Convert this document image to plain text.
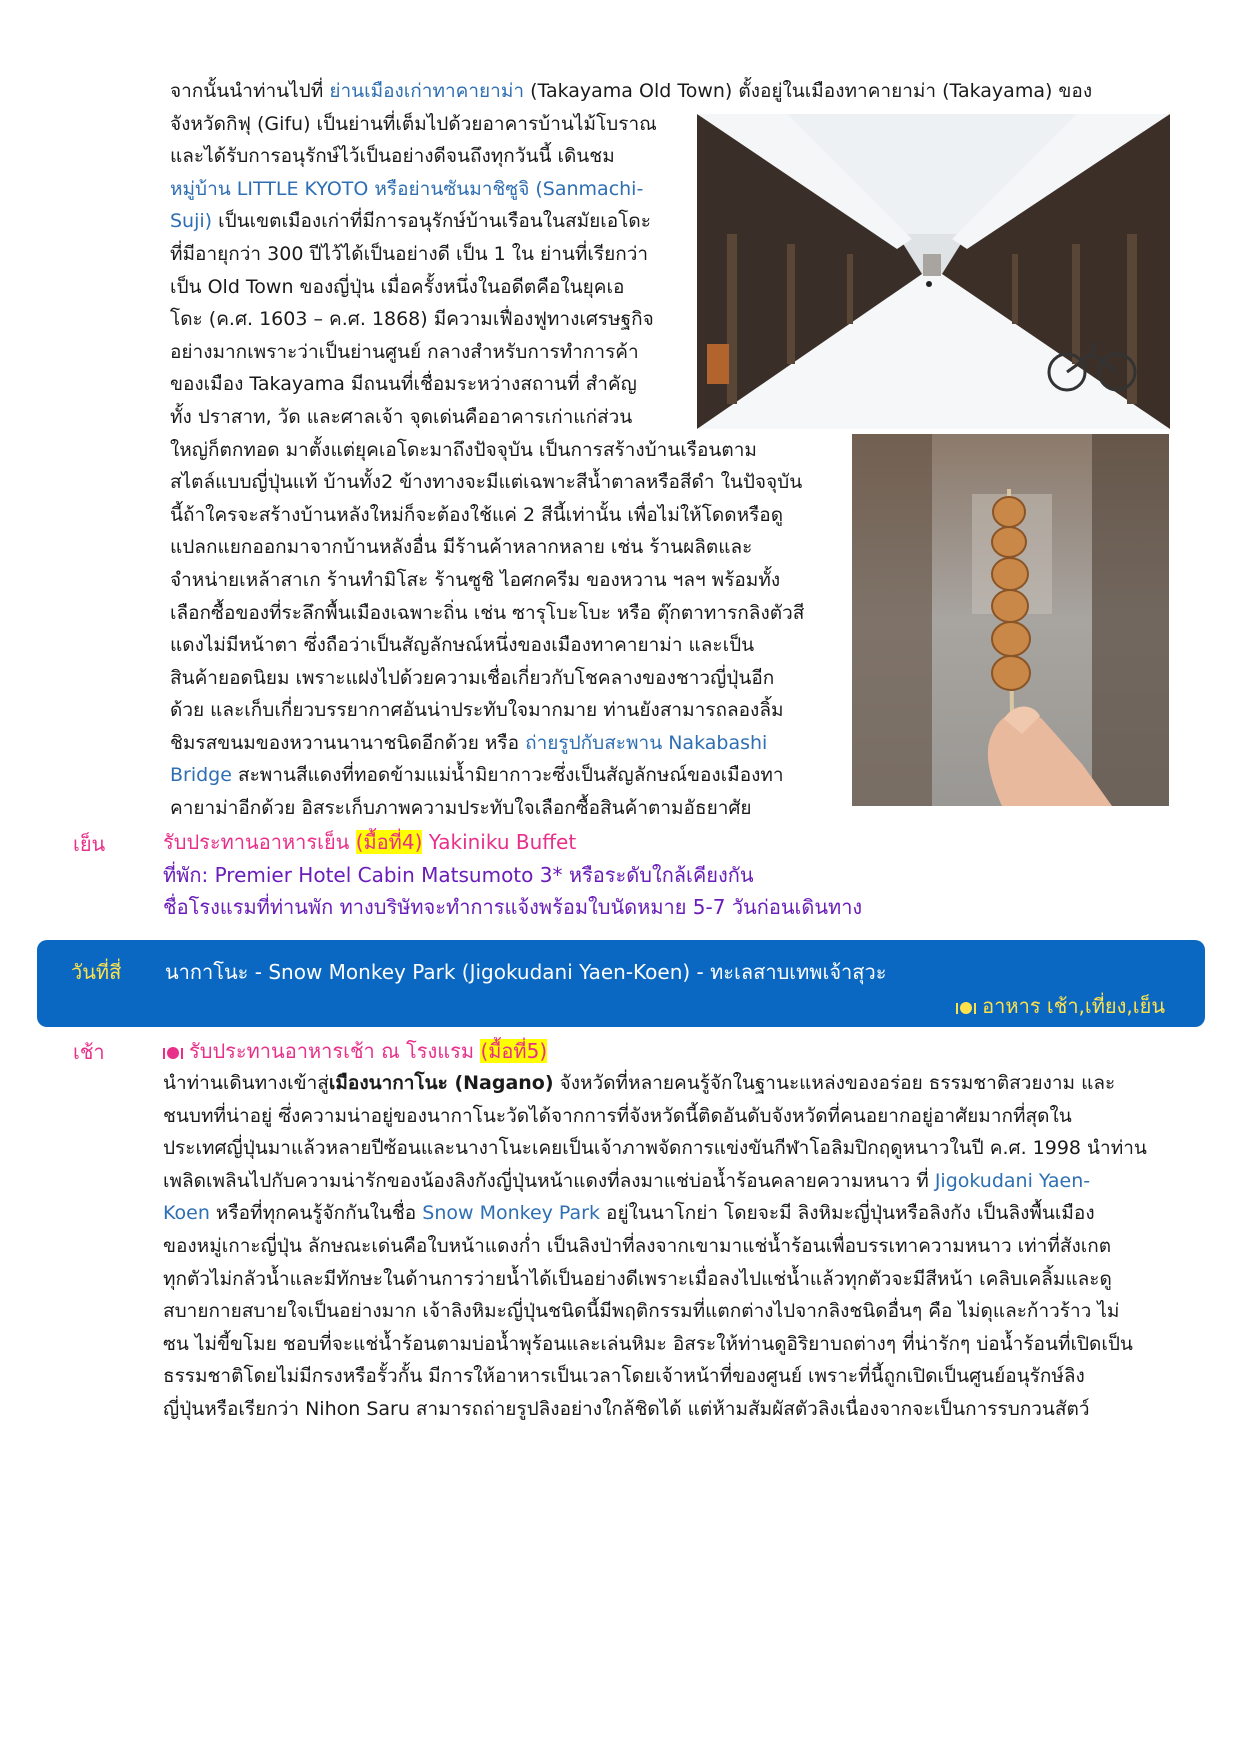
จากนั้นนำท่านไปที่ ย่านเมืองเก่าทาคายาม่า (Takayama Old Town) ตั้งอยู่ในเมืองทาคายาม่า (Takayama) ของ
จังหวัดกิฟุ (Gifu) เป็นย่านที่เต็มไปด้วยอาคารบ้านไม้โบราณ
และได้รับการอนุรักษ์ไว้เป็นอย่างดีจนถึงทุกวันนี้ เดินชม
หมู่บ้าน LITTLE KYOTO หรือย่านซันมาชิซูจิ (Sanmachi-
Suji) เป็นเขตเมืองเก่าที่มีการอนุรักษ์บ้านเรือนในสมัยเอโดะ
ที่มีอายุกว่า 300 ปีไว้ได้เป็นอย่างดี เป็น 1 ใน ย่านที่เรียกว่า
เป็น Old Town ของญี่ปุ่น เมื่อครั้งหนึ่งในอดีตคือในยุคเอ
โดะ (ค.ศ. 1603 – ค.ศ. 1868) มีความเฟื่องฟูทางเศรษฐกิจ
อย่างมากเพราะว่าเป็นย่านศูนย์ กลางสำหรับการทำการค้า
ของเมือง Takayama มีถนนที่เชื่อมระหว่างสถานที่ สำคัญ
ทั้ง ปราสาท, วัด และศาลเจ้า จุดเด่นคืออาคารเก่าแก่ส่วน
ใหญ่ก็ตกทอด มาตั้งแต่ยุคเอโดะมาถึงปัจจุบัน เป็นการสร้างบ้านเรือนตาม
สไตล์แบบญี่ปุ่นแท้ บ้านทั้ง2 ข้างทางจะมีแต่เฉพาะสีน้ำตาลหรือสีดำ ในปัจจุบัน
นี้ถ้าใครจะสร้างบ้านหลังใหม่ก็จะต้องใช้แค่ 2 สีนี้เท่านั้น เพื่อไม่ให้โดดหรือดู
แปลกแยกออกมาจากบ้านหลังอื่น มีร้านค้าหลากหลาย เช่น ร้านผลิตและ
จำหน่ายเหล้าสาเก ร้านทำมิโสะ ร้านซูชิ ไอศกครีม ของหวาน ฯลฯ พร้อมทั้ง
เลือกซื้อของที่ระลึกพื้นเมืองเฉพาะถิ่น เช่น ซารุโบะโบะ หรือ ตุ๊กตาทารกลิงตัวสี
แดงไม่มีหน้าตา ซึ่งถือว่าเป็นสัญลักษณ์หนึ่งของเมืองทาคายาม่า และเป็น
สินค้ายอดนิยม เพราะแฝงไปด้วยความเชื่อเกี่ยวกับโชคลางของชาวญี่ปุ่นอีก
ด้วย และเก็บเกี่ยวบรรยากาศอันน่าประทับใจมากมาย ท่านยังสามารถลองลิ้ม
ชิมรสขนมของหวานนานาชนิดอีกด้วย หรือ ถ่ายรูปกับสะพาน Nakabashi
Bridge สะพานสีแดงที่ทอดข้ามแม่น้ำมิยากาวะซึ่งเป็นสัญลักษณ์ของเมืองทา
คายาม่าอีกด้วย อิสระเก็บภาพความประทับใจเลือกซื้อสินค้าตามอัธยาศัย
เย็น	รับประทานอาหารเย็น (มื้อที่4) Yakiniku Buffet
ที่พัก: Premier Hotel Cabin Matsumoto 3* หรือระดับใกล้เคียงกัน
ชื่อโรงแรมที่ท่านพัก ทางบริษัทจะทำการแจ้งพร้อมใบนัดหมาย 5-7 วันก่อนเดินทาง
วันที่สี่ นากาโนะ - Snow Monkey Park (Jigokudani Yaen-Koen) - ทะเลสาบเทพเจ้าสุวะ
อาหาร เช้า,เที่ยง,เย็น
เช้า	รับประทานอาหารเช้า ณ โรงแรม (มื้อที่5)
นำท่านเดินทางเข้าสู่เมืองนากาโนะ (Nagano) จังหวัดที่หลายคนรู้จักในฐานะแหล่งของอร่อย ธรรมชาติสวยงาม และ
ชนบทที่น่าอยู่ ซึ่งความน่าอยู่ของนากาโนะวัดได้จากการที่จังหวัดนี้ติดอันดับจังหวัดที่คนอยากอยู่อาศัยมากที่สุดใน
ประเทศญี่ปุ่นมาแล้วหลายปีซ้อนและนางาโนะเคยเป็นเจ้าภาพจัดการแข่งขันกีฬาโอลิมปิกฤดูหนาวในปี ค.ศ. 1998 นำท่าน
เพลิดเพลินไปกับความน่ารักของน้องลิงกังญี่ปุ่นหน้าแดงที่ลงมาแช่บ่อน้ำร้อนคลายความหนาว ที่ Jigokudani Yaen-
Koen หรือที่ทุกคนรู้จักกันในชื่อ Snow Monkey Park อยู่ในนาโกย่า โดยจะมี ลิงหิมะญี่ปุ่นหรือลิงกัง เป็นลิงพื้นเมือง
ของหมู่เกาะญี่ปุ่น ลักษณะเด่นคือใบหน้าแดงก่ำ เป็นลิงป่าที่ลงจากเขามาแช่น้ำร้อนเพื่อบรรเทาความหนาว เท่าที่สังเกต
ทุกตัวไม่กลัวน้ำและมีทักษะในด้านการว่ายน้ำได้เป็นอย่างดีเพราะเมื่อลงไปแช่น้ำแล้วทุกตัวจะมีสีหน้า เคลิบเคลิ้มและดู
สบายกายสบายใจเป็นอย่างมาก เจ้าลิงหิมะญี่ปุ่นชนิดนี้มีพฤติกรรมที่แตกต่างไปจากลิงชนิดอื่นๆ คือ ไม่ดุและก้าวร้าว ไม่
ซน ไม่ขี้ขโมย ชอบที่จะแช่น้ำร้อนตามบ่อน้ำพุร้อนและเล่นหิมะ อิสระให้ท่านดูอิริยาบถต่างๆ ที่น่ารักๆ บ่อน้ำร้อนที่เปิดเป็น
ธรรมชาติโดยไม่มีกรงหรือรั้วกั้น มีการให้อาหารเป็นเวลาโดยเจ้าหน้าที่ของศูนย์ เพราะที่นี้ถูกเปิดเป็นศูนย์อนุรักษ์ลิง
ญี่ปุ่นหรือเรียกว่า Nihon Saru สามารถถ่ายรูปลิงอย่างใกล้ชิดได้ แต่ห้ามสัมผัสตัวลิงเนื่องจากจะเป็นการรบกวนสัตว์
